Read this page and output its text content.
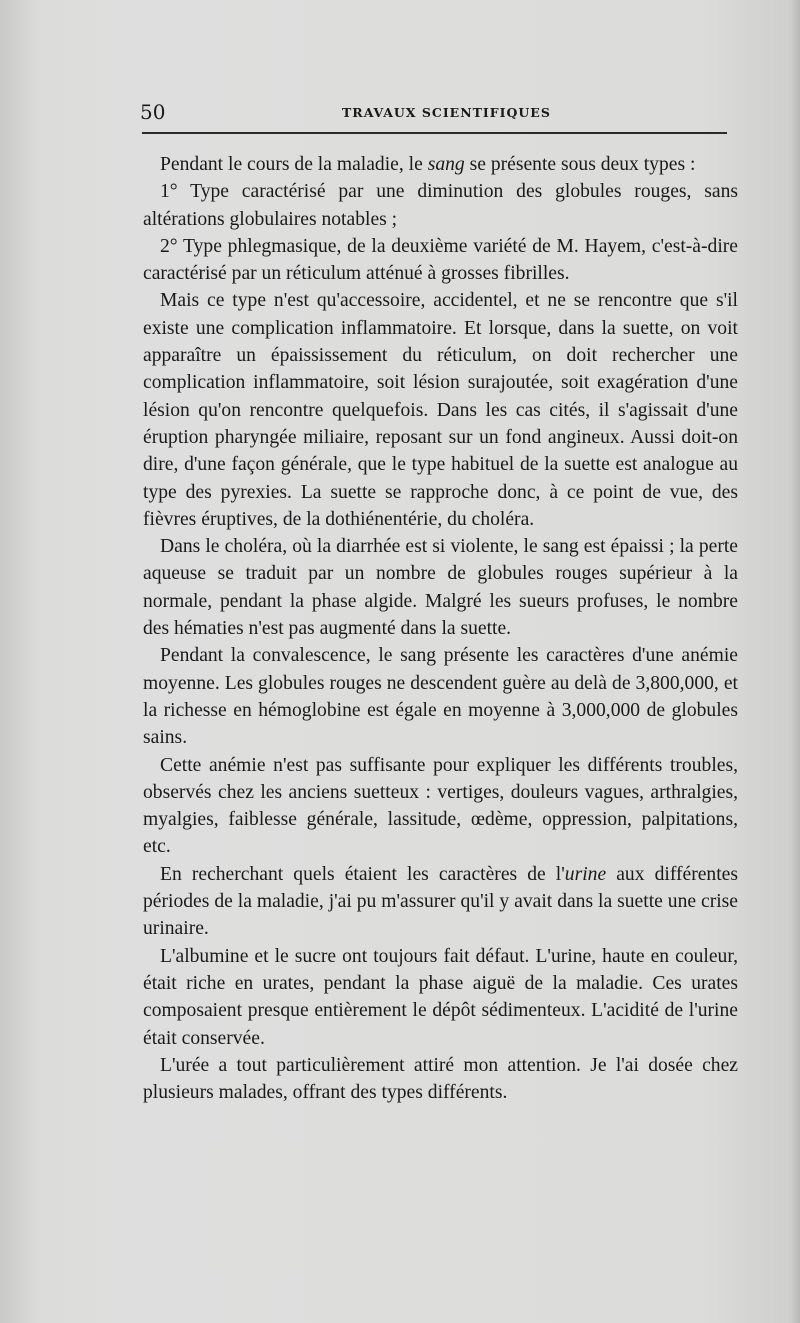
50	TRAVAUX SCIENTIFIQUES

Pendant le cours de la maladie, le sang se présente sous deux types :

1° Type caractérisé par une diminution des globules rouges, sans altérations globulaires notables ;

2° Type phlegmasique, de la deuxième variété de M. Hayem, c'est-à-dire caractérisé par un réticulum atténué à grosses fibrilles.

Mais ce type n'est qu'accessoire, accidentel, et ne se rencontre que s'il existe une complication inflammatoire. Et lorsque, dans la suette, on voit apparaître un épaississement du réticulum, on doit rechercher une complication inflammatoire, soit lésion surajoutée, soit exagération d'une lésion qu'on rencontre quelquefois. Dans les cas cités, il s'agissait d'une éruption pharyngée miliaire, reposant sur un fond angineux. Aussi doit-on dire, d'une façon générale, que le type habituel de la suette est analogue au type des pyrexies. La suette se rapproche donc, à ce point de vue, des fièvres éruptives, de la dothiénentérie, du choléra.

Dans le choléra, où la diarrhée est si violente, le sang est épaissi ; la perte aqueuse se traduit par un nombre de globules rouges supérieur à la normale, pendant la phase algide. Malgré les sueurs profuses, le nombre des hématies n'est pas augmenté dans la suette.

Pendant la convalescence, le sang présente les caractères d'une anémie moyenne. Les globules rouges ne descendent guère au delà de 3,800,000, et la richesse en hémoglobine est égale en moyenne à 3,000,000 de globules sains.

Cette anémie n'est pas suffisante pour expliquer les différents troubles, observés chez les anciens suetteux : vertiges, douleurs vagues, arthralgies, myalgies, faiblesse générale, lassitude, œdème, oppression, palpitations, etc.

En recherchant quels étaient les caractères de l'urine aux différentes périodes de la maladie, j'ai pu m'assurer qu'il y avait dans la suette une crise urinaire.

L'albumine et le sucre ont toujours fait défaut. L'urine, haute en couleur, était riche en urates, pendant la phase aiguë de la maladie. Ces urates composaient presque entièrement le dépôt sédimenteux. L'acidité de l'urine était conservée.

L'urée a tout particulièrement attiré mon attention. Je l'ai dosée chez plusieurs malades, offrant des types différents.
